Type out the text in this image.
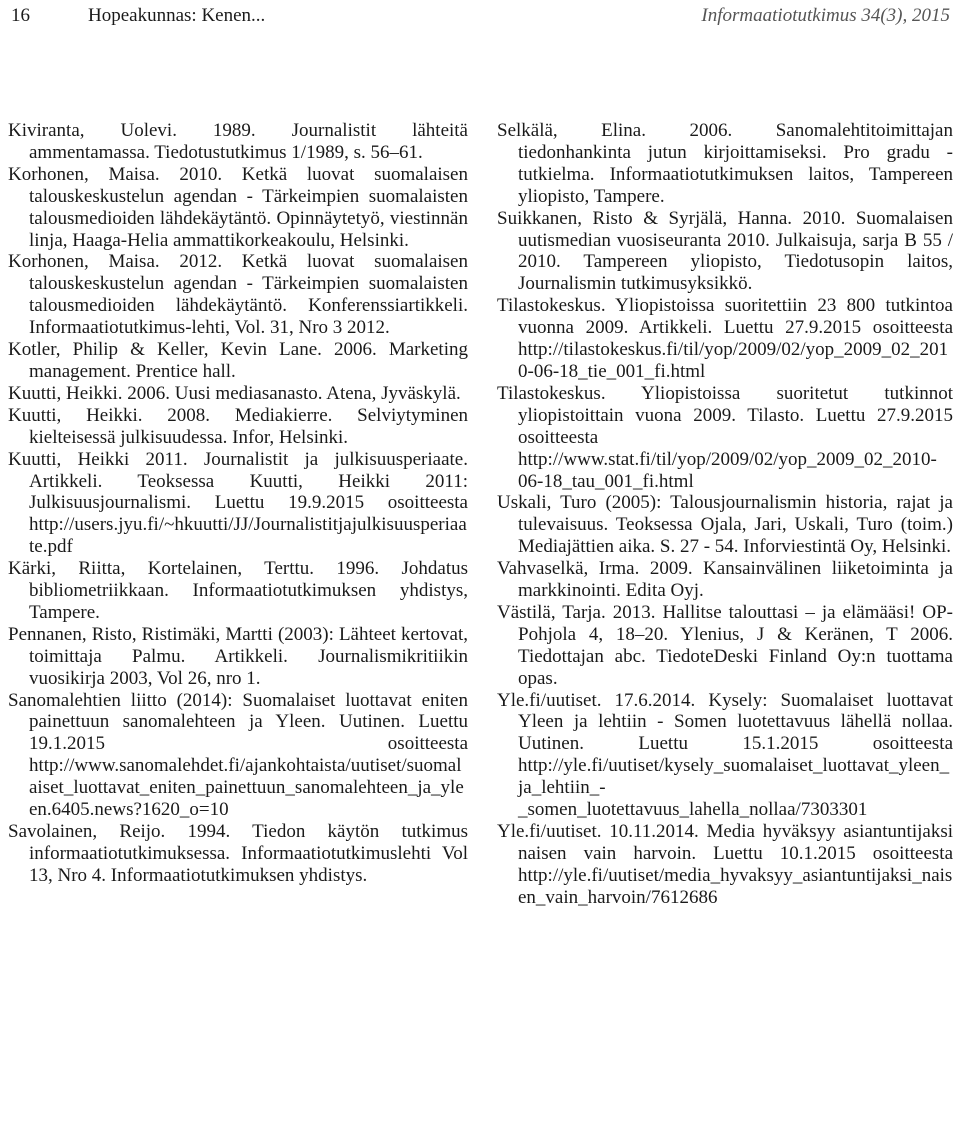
16	Hopeakunnas: Kenen...	Informaatiotutkimus 34(3), 2015

Kiviranta, Uolevi. 1989. Journalistit lähteitä ammentamassa. Tiedotustutkimus 1/1989, s. 56–61.

Korhonen, Maisa. 2010. Ketkä luovat suomalaisen talouskeskustelun agendan - Tärkeimpien suomalaisten talousmedioiden lähdekäytäntö. Opinnäytetyö, viestinnän linja, Haaga-Helia ammattikorkeakoulu, Helsinki.

Korhonen, Maisa. 2012. Ketkä luovat suomalaisen talouskeskustelun agendan - Tärkeimpien suomalaisten talousmedioiden lähdekäytäntö. Konferenssiartikkeli. Informaatiotutkimus-lehti, Vol. 31, Nro 3 2012.

Kotler, Philip & Keller, Kevin Lane. 2006. Marketing management. Prentice hall.

Kuutti, Heikki. 2006. Uusi mediasanasto. Atena, Jyväskylä.

Kuutti, Heikki. 2008. Mediakierre. Selviytyminen kielteisessä julkisuudessa. Infor, Helsinki.

Kuutti, Heikki 2011. Journalistit ja julkisuusperiaate. Artikkeli. Teoksessa Kuutti, Heikki 2011: Julkisuusjournalismi. Luettu 19.9.2015 osoitteesta http://users.jyu.fi/~hkuutti/JJ/Journalistitjajulkisuusperiaate.pdf

Kärki, Riitta, Kortelainen, Terttu. 1996. Johdatus bibliometriikkaan. Informaatiotutkimuksen yhdistys, Tampere.

Pennanen, Risto, Ristimäki, Martti (2003): Lähteet kertovat, toimittaja Palmu. Artikkeli. Journalismikritiikin vuosikirja 2003, Vol 26, nro 1.

Sanomalehtien liitto (2014): Suomalaiset luottavat eniten painettuun sanomalehteen ja Yleen. Uutinen. Luettu 19.1.2015 osoitteesta http://www.sanomalehdet.fi/ajankohtaista/uutiset/suomalaiset_luottavat_eniten_painettuun_sanomalehteen_ja_yleen.6405.news?1620_o=10

Savolainen, Reijo. 1994. Tiedon käytön tutkimus informaatiotutkimuksessa. Informaatiotutkimuslehti Vol 13, Nro 4. Informaatiotutkimuksen yhdistys.

Selkälä, Elina. 2006. Sanomalehtitoimittajan tiedonhankinta jutun kirjoittamiseksi. Pro gradu -tutkielma. Informaatiotutkimuksen laitos, Tampereen yliopisto, Tampere.

Suikkanen, Risto & Syrjälä, Hanna. 2010. Suomalaisen uutismedian vuosiseuranta 2010. Julkaisuja, sarja B 55 / 2010. Tampereen yliopisto, Tiedotusopin laitos, Journalismin tutkimusyksikkö.

Tilastokeskus. Yliopistoissa suoritettiin 23 800 tutkintoa vuonna 2009. Artikkeli. Luettu 27.9.2015 osoitteesta http://tilastokeskus.fi/til/yop/2009/02/yop_2009_02_2010-06-18_tie_001_fi.html

Tilastokeskus. Yliopistoissa suoritetut tutkinnot yliopistoittain vuona 2009. Tilasto. Luettu 27.9.2015 osoitteesta http://www.stat.fi/til/yop/2009/02/yop_2009_02_2010-06-18_tau_001_fi.html

Uskali, Turo (2005): Talousjournalismin historia, rajat ja tulevaisuus. Teoksessa Ojala, Jari, Uskali, Turo (toim.) Mediajättien aika. S. 27 - 54. Inforviestintä Oy, Helsinki.

Vahvaselkä, Irma. 2009. Kansainvälinen liiketoiminta ja markkinointi. Edita Oyj.

Västilä, Tarja. 2013. Hallitse talouttasi – ja elämääsi! OP-Pohjola 4, 18–20. Ylenius, J & Keränen, T 2006. Tiedottajan abc. TiedoteDeski Finland Oy:n tuottama opas.

Yle.fi/uutiset. 17.6.2014. Kysely: Suomalaiset luottavat Yleen ja lehtiin - Somen luotettavuus lähellä nollaa. Uutinen. Luettu 15.1.2015 osoitteesta http://yle.fi/uutiset/kysely_suomalaiset_luottavat_yleen_ja_lehtiin_-_somen_luotettavuus_lahella_nollaa/7303301

Yle.fi/uutiset. 10.11.2014. Media hyväksyy asiantuntijaksi naisen vain harvoin. Luettu 10.1.2015 osoitteesta http://yle.fi/uutiset/media_hyvaksyy_asiantuntijaksi_naisen_vain_harvoin/7612686
